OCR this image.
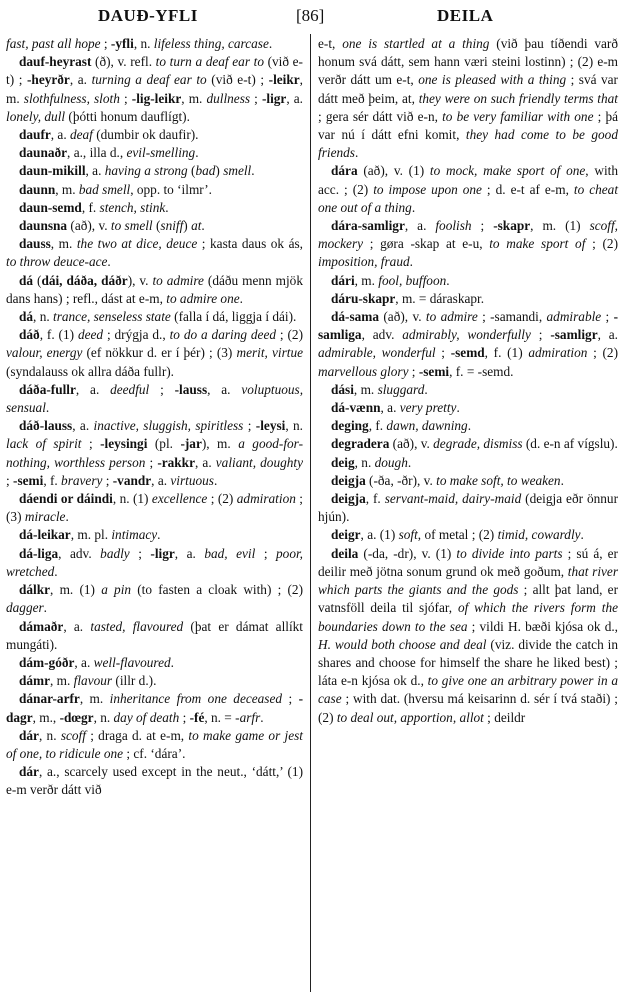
DAUÐ-YFLI	[86]	DEILA

fast, past all hope ; -yfli, n. lifeless thing, carcase.

dauf-heyrast (ð), v. refl. to turn a deaf ear to (við e-t) ; -heyrðr, a. turning a deaf ear to (við e-t) ; -leikr, m. slothfulness, sloth ; -lig-leikr, m. dullness ; -ligr, a. lonely, dull (þótti honum dauflígt).

daufr, a. deaf (dumbir ok daufir).

daunaðr, a., illa d., evil-smelling.

daun-mikill, a. having a strong (bad) smell.

daunn, m. bad smell, opp. to ‘ilmr’.

daun-semd, f. stench, stink.

daunsna (að), v. to smell (sniff) at.

dauss, m. the two at dice, deuce ; kasta daus ok ás, to throw deuce-ace.

dá (dái, dáða, dáðr), v. to admire (dáðu menn mjök dans hans) ; refl., dást at e-m, to admire one.

dá, n. trance, senseless state (falla í dá, liggja í dái).

dáð, f. (1) deed ; drýgja d., to do a daring deed ; (2) valour, energy (ef nökkur d. er í þér) ; (3) merit, virtue (syndalauss ok allra dáða fullr).

dáða-fullr, a. deedful ; -lauss, a. voluptuous, sensual.

dáð-lauss, a. inactive, sluggish, spiritless ; -leysi, n. lack of spirit ; -leysingi (pl. -jar), m. a good-for-nothing, worthless person ; -rakkr, a. valiant, doughty ; -semi, f. bravery ; -vandr, a. virtuous.

dáendi or dáindi, n. (1) excellence ; (2) admiration ; (3) miracle.

dá-leikar, m. pl. intimacy.

dá-liga, adv. badly ; -ligr, a. bad, evil ; poor, wretched.

dálkr, m. (1) a pin (to fasten a cloak with) ; (2) dagger.

dámaðr, a. tasted, flavoured (þat er dámat allíkt mungáti).

dám-góðr, a. well-flavoured.

dámr, m. flavour (illr d.).

dánar-arfr, m. inheritance from one deceased ; -dagr, m., -dœgr, n. day of death ; -fé, n. = -arfr.

dár, n. scoff ; draga d. at e-m, to make game or jest of one, to ridicule one ; cf. ‘dára’.

dár, a., scarcely used except in the neut., ‘dátt,’ (1) e-m verðr dátt við

e-t, one is startled at a thing (við þau tíðendi varð honum svá dátt, sem hann væri steini lostinn) ; (2) e-m verðr dátt um e-t, one is pleased with a thing ; svá var dátt með þeim, at, they were on such friendly terms that ; gera sér dátt við e-n, to be very familiar with one ; þá var nú í dátt efni komit, they had come to be good friends.

dára (að), v. (1) to mock, make sport of one, with acc. ; (2) to impose upon one ; d. e-t af e-m, to cheat one out of a thing.

dára-samligr, a. foolish ; -skapr, m. (1) scoff, mockery ; gøra -skap at e-u, to make sport of ; (2) imposition, fraud.

dári, m. fool, buffoon.

dáru-skapr, m. = dáraskapr.

dá-sama (að), v. to admire ; -samandi, admirable ; -samliga, adv. admirably, wonderfully ; -samligr, a. admirable, wonderful ; -semd, f. (1) admiration ; (2) marvellous glory ; -semi, f. = -semd.

dási, m. sluggard.

dá-vænn, a. very pretty.

deging, f. dawn, dawning.

degradera (að), v. degrade, dismiss (d. e-n af vígslu).

deig, n. dough.

deigja (-ða, -ðr), v. to make soft, to weaken.

deigja, f. servant-maid, dairy-maid (deigja eðr önnur hjún).

deigr, a. (1) soft, of metal ; (2) timid, cowardly.

deila (-da, -dr), v. (1) to divide into parts ; sú á, er deilir með jötna sonum grund ok með goðum, that river which parts the giants and the gods ; allt þat land, er vatnsföll deila til sjófar, of which the rivers form the boundaries down to the sea ; vildi H. bæði kjósa ok d., H. would both choose and deal (viz. divide the catch in shares and choose for himself the share he liked best) ; láta e-n kjósa ok d., to give one an arbitrary power in a case ; with dat. (hversu má keisarinn d. sér í tvá staði) ; (2) to deal out, apportion, allot ; deildr
